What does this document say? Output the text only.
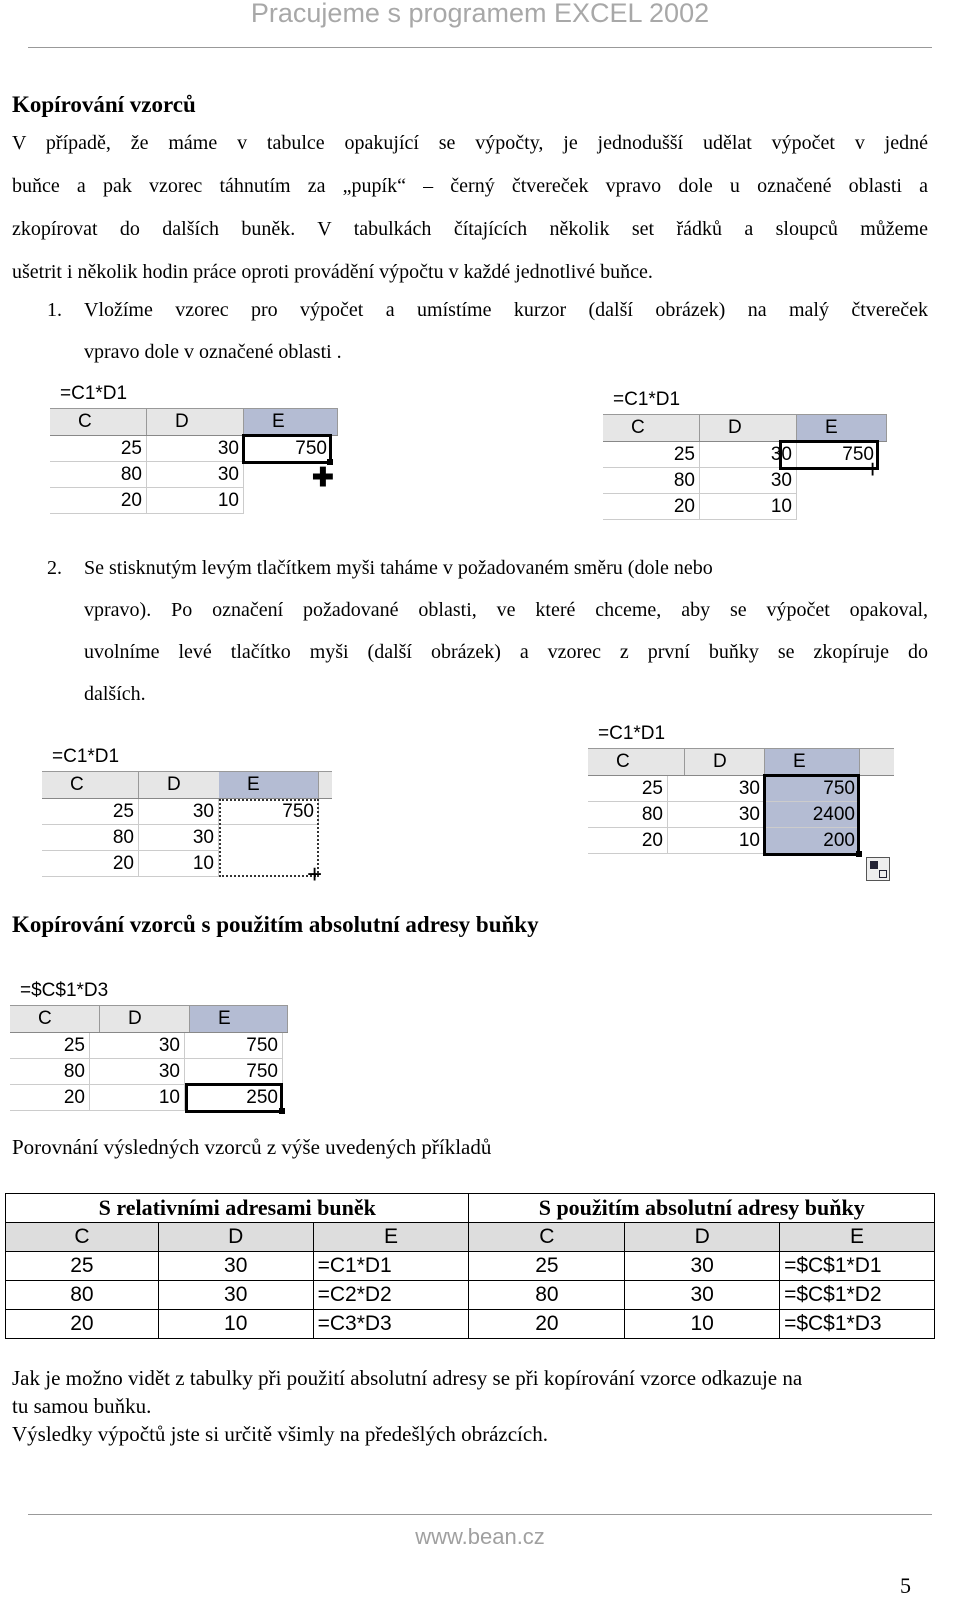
Pracujeme s programem EXCEL 2002
Kopírování vzorců
V případě, že máme v tabulce opakující se výpočty, je jednodušší udělat výpočet v jedné
buňce a pak vzorec táhnutím za „pupík“ – černý čtvereček vpravo dole u označené oblasti a
zkopírovat do dalších buněk. V tabulkách čítajících několik set řádků a sloupců můžeme
ušetrit i několik hodin práce oproti provádění výpočtu v každé jednotlivé buňce.
1. Vložíme vzorec pro výpočet a umístíme kurzor (další obrázek) na malý čtvereček
vpravo dole v označené oblasti .
=C1*D1
C	D	E
25	30	750
80	30
20	10
✚
=C1*D1
C	D	E
25	30	750
80	30
20	10
+
2. Se stisknutým levým tlačítkem myši taháme v požadovaném směru (dole nebo
vpravo). Po označení požadované oblasti, ve které chceme, aby se výpočet opakoval,
uvolníme levé tlačítko myši (další obrázek) a vzorec z první buňky se zkopíruje do
dalších.
=C1*D1
C	D	E
25	30	750
80	30
20	10	+
=C1*D1
C	D	E
25	30	750
80	30	2400
20	10	200
Kopírování vzorců s použitím absolutní adresy buňky
=$C$1*D3
C	D	E
25	30	750
80	30	750
20	10	250
Porovnání výsledných vzorců z výše uvedených příkladů
S relativními adresami buněk			S použitím absolutní adresy buňky		
C	D	E	C	D	E
25	30	=C1*D1	25	30	=$C$1*D1
80	30	=C2*D2	80	30	=$C$1*D2
20	10	=C3*D3	20	10	=$C$1*D3
Jak je možno vidět z tabulky při použití absolutní adresy se při kopírování vzorce odkazuje na
tu samou buňku.
Výsledky výpočtů jste si určitě všimly na předešlých obrázcích.
www.bean.cz
5
